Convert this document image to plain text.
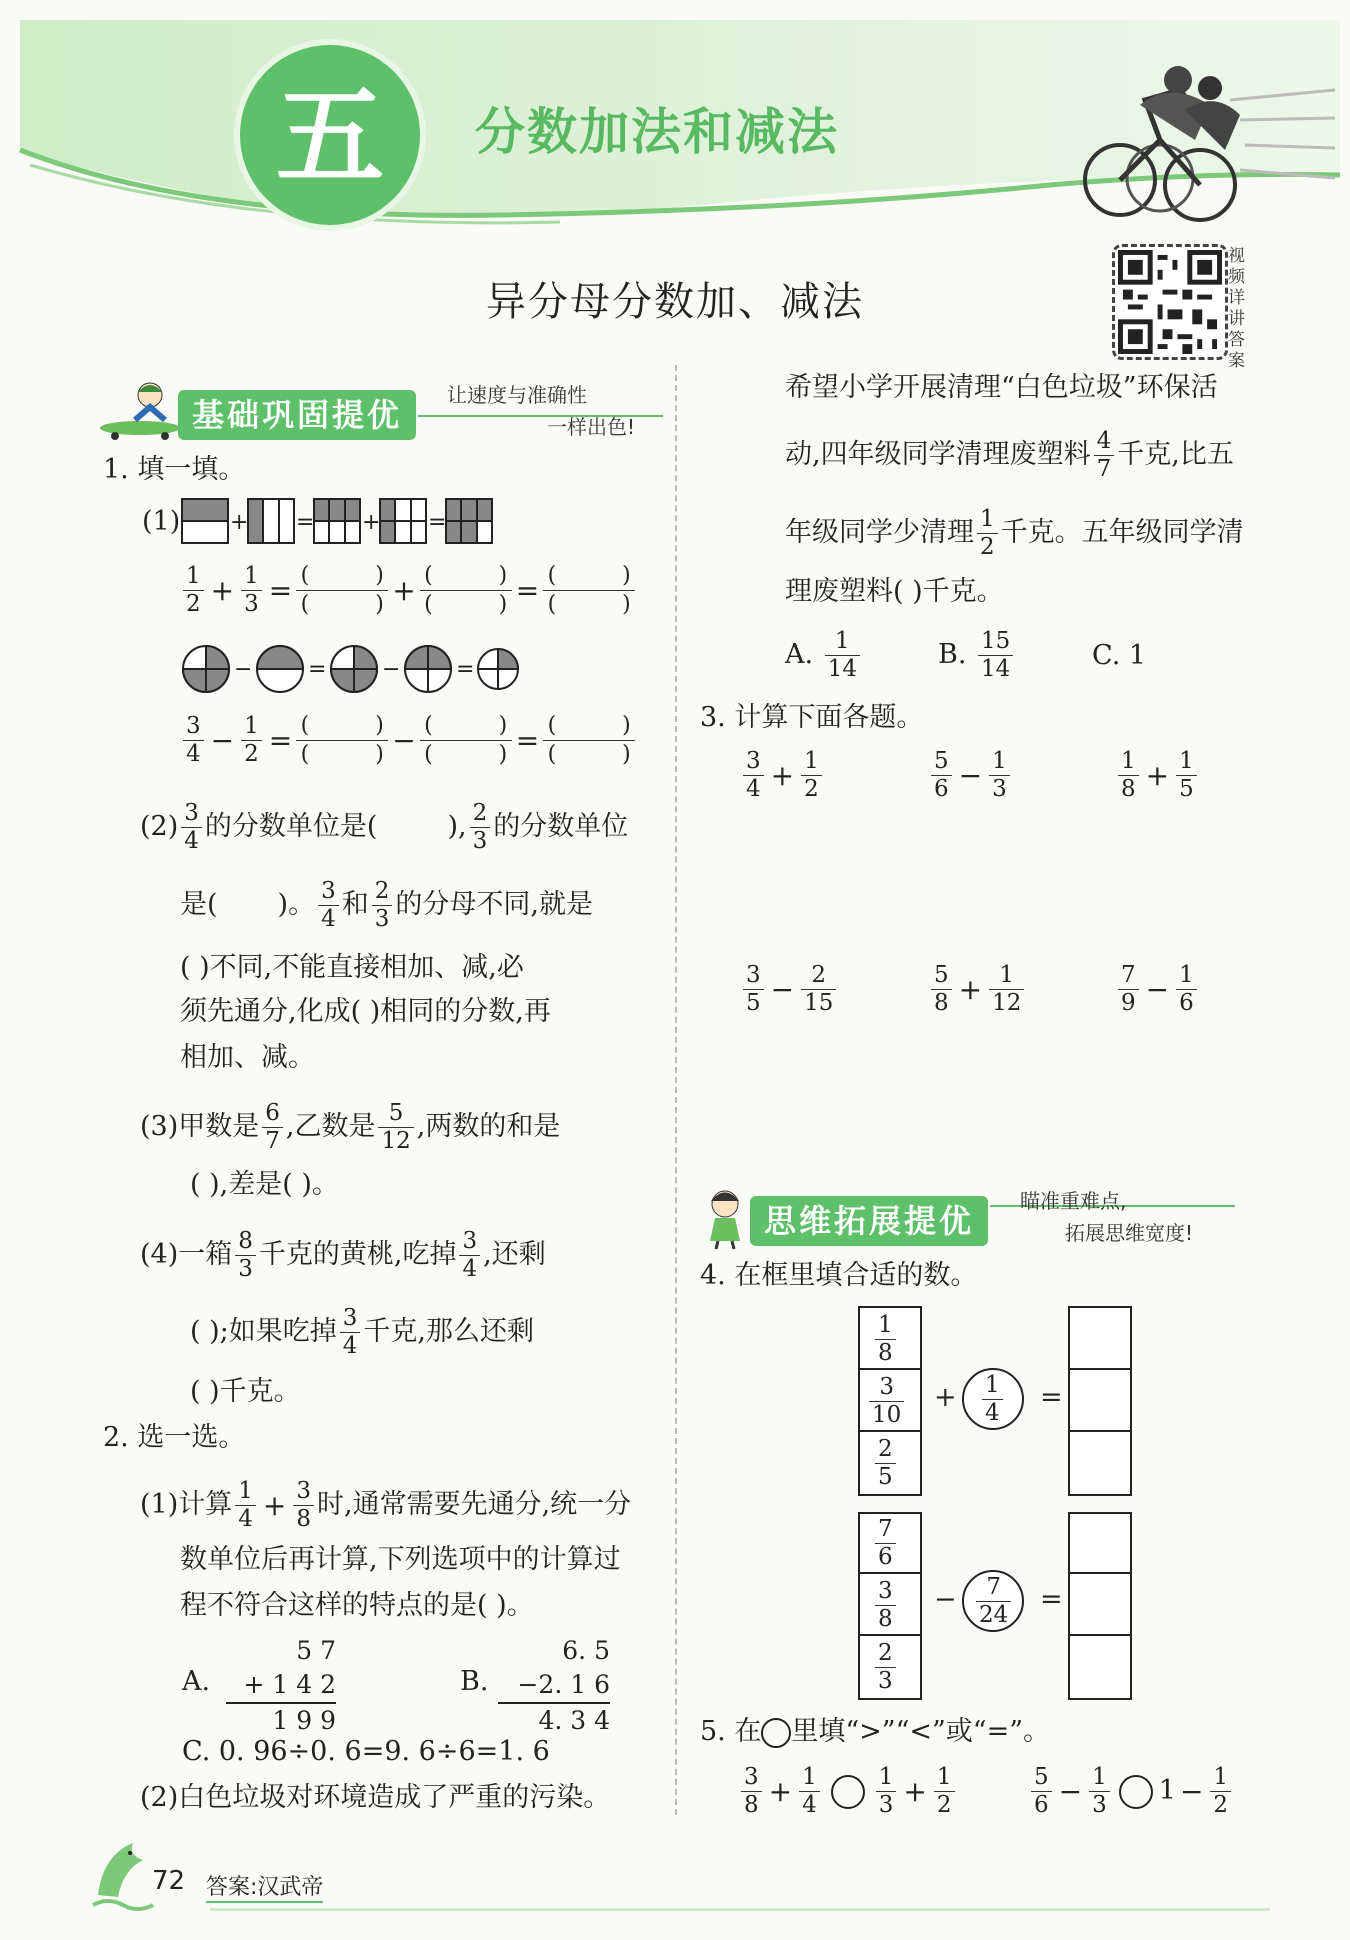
五	分数加法和减法
异分母分数加、减法
视频详讲答案
基础巩固提优
让速度与准确性
一样出色!
1. 填一填。
(1) + = + =
$\frac{1}{2} + \frac{1}{3}$ = (   )
(   ) + (   )
(   ) = (   )
(   )
−	=	−	=
$\frac{3}{4} - \frac{1}{2}$ = (   )
(   ) − (   )
(   ) = (   )
(   )
$(2) \frac{3}{4}$ 的分数单位是(	), $\frac{2}{3}$ 的分数单位
是( )。 $\frac{3}{4}$ 和 $\frac{2}{3}$ 的分母不同,就是
( )不同,不能直接相加、减,必
须先通分,化成( )相同的分数,再
相加、减。
(3)甲数是 $\frac{6}{7}$ ,乙数是 $\frac{5}{12}$ ,两数的和是
( ),差是( )。
(4)一箱 $\frac{8}{3}$ 千克的黄桃,吃掉 $\frac{3}{4}$ ,还剩
( );如果吃掉 $\frac{3}{4}$ 千克,那么还剩
( )千克。
2. 选一选。
(1)计算 $\frac{1}{4} + \frac{3}{8}$ 时,通常需要先通分,统一分
数单位后再计算,下列选项中的计算过
程不符合这样的特点的是( )。
A.
5 7
+ 1 4 2
1 9 9
B.
6. 5
−2. 1 6
4. 3 4
C. 0. 96÷0. 6=9. 6÷6=1. 6
(2)白色垃圾对环境造成了严重的污染。
希望小学开展清理“白色垃圾”环保活
动,四年级同学清理废塑料 $\frac{4}{7}$ 千克,比五
年级同学少清理 $\frac{1}{2}$ 千克。五年级同学清
理废塑料( )千克。
A. $\frac{1}{14}$	B. $\frac{15}{14}$	C. 1
3. 计算下面各题。
$\frac{3}{4} + \frac{1}{2}$	$\frac{5}{6} - \frac{1}{3}$	$\frac{1}{8} + \frac{1}{5}$
$\frac{3}{5} - \frac{2}{15}$	$\frac{5}{8} + \frac{1}{12}$	$\frac{7}{9} - \frac{1}{6}$
思维拓展提优
瞄准重难点,
拓展思维宽度!
4. 在框里填合适的数。
$\frac{1}{8}$
$\frac{3}{10}$
$\frac{2}{5}$
+ $\frac{1}{4}$ =
$\frac{7}{6}$
$\frac{3}{8}$
$\frac{2}{3}$
− $\frac{7}{24}$ =
5. 在 里填“>”“<”或“=”。
$\frac{3}{8} + \frac{1}{4} \frac{1}{3} + \frac{1}{2}$	$\frac{5}{6} - \frac{1}{3} 1 - \frac{1}{2}$
72 答案:汉武帝
